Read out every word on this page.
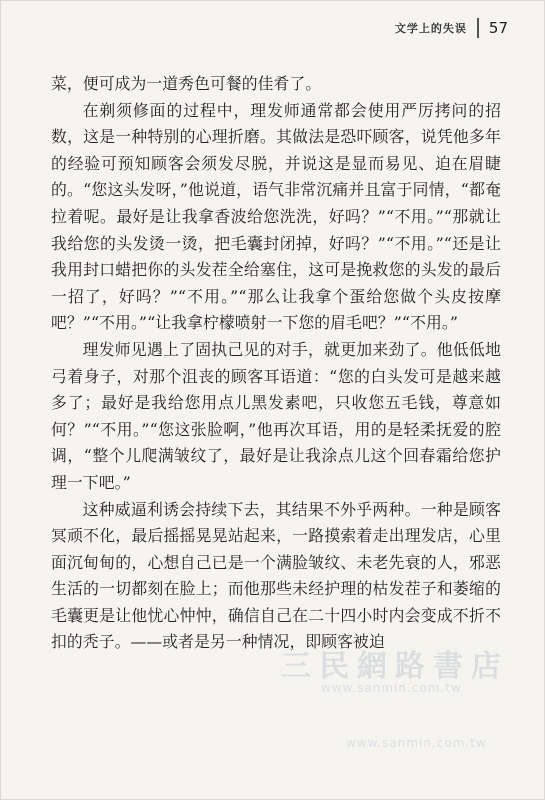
文学上的失误 57

菜，便可成为一道秀色可餐的佳肴了。

在剃须修面的过程中，理发师通常都会使用严厉拷问的招数，这是一种特别的心理折磨。其做法是恐吓顾客，说凭他多年的经验可预知顾客会须发尽脱，并说这是显而易见、迫在眉睫的。“您这头发呀，”他说道，语气非常沉痛并且富于同情，“都奄拉着呢。最好是让我拿香波给您洗洗，好吗？”“不用。”“那就让我给您的头发烫一烫，把毛囊封闭掉，好吗？”“不用。”“还是让我用封口蜡把你的头发茬全给塞住，这可是挽救您的头发的最后一招了，好吗？”“不用。”“那么让我拿个蛋给您做个头皮按摩吧？”“不用。”“让我拿柠檬喷射一下您的眉毛吧？”“不用。”

理发师见遇上了固执己见的对手，就更加来劲了。他低低地弓着身子，对那个沮丧的顾客耳语道：“您的白头发可是越来越多了；最好是我给您用点儿黑发素吧，只收您五毛钱，尊意如何？”“不用。”“您这张脸啊，”他再次耳语，用的是轻柔抚爱的腔调，“整个儿爬满皱纹了，最好是让我涂点儿这个回春霜给您护理一下吧。”

这种威逼利诱会持续下去，其结果不外乎两种。一种是顾客冥顽不化，最后摇摇晃晃站起来，一路摸索着走出理发店，心里面沉甸甸的，心想自己已是一个满脸皱纹、未老先衰的人，邪恶生活的一切都刻在脸上；而他那些未经护理的枯发茬子和萎缩的毛囊更是让他忧心忡忡，确信自己在二十四小时内会变成不折不扣的秃子。——或者是另一种情况，即顾客被迫

三民網路書店
www.sanmin.com.tw
www.sanmin.com.tw
